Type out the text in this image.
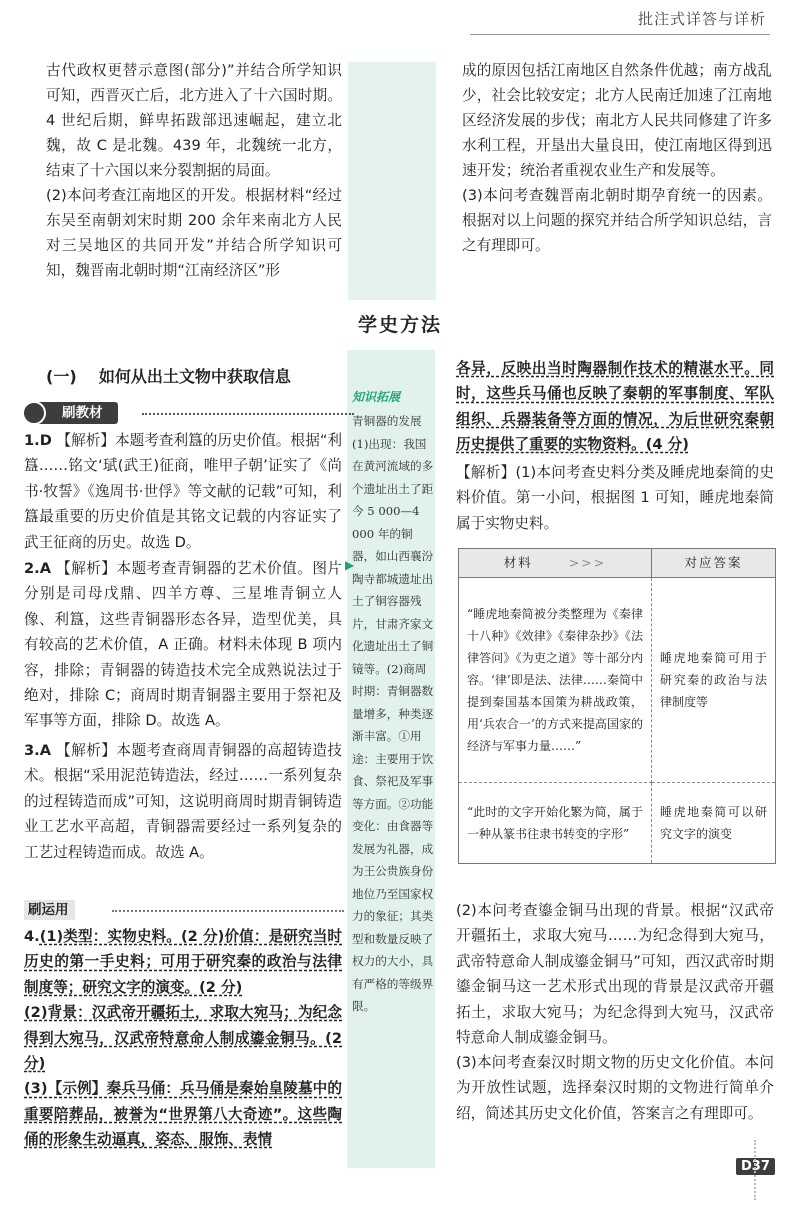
批注式详答与详析

古代政权更替示意图(部分)”并结合所学知识可知，西晋灭亡后，北方进入了十六国时期。4 世纪后期，鲜卑拓跋部迅速崛起，建立北魏，故 C 是北魏。439 年，北魏统一北方，结束了十六国以来分裂割据的局面。

(2)本问考查江南地区的开发。根据材料“经过东吴至南朝刘宋时期 200 余年来南北方人民对三吴地区的共同开发”并结合所学知识可知，魏晋南北朝时期“江南经济区”形

成的原因包括江南地区自然条件优越；南方战乱少，社会比较安定；北方人民南迁加速了江南地区经济发展的步伐；南北方人民共同修建了许多水利工程，开垦出大量良田，使江南地区得到迅速开发；统治者重视农业生产和发展等。

(3)本问考查魏晋南北朝时期孕育统一的因素。根据对以上问题的探究并结合所学知识总结，言之有理即可。

学史方法
知识拓展
青铜器的发展(1)出现：我国在黄河流域的多个遗址出土了距今 5 000—4 000 年的铜器，如山西襄汾陶寺都城遗址出土了铜容器残片，甘肃齐家文化遗址出土了铜镜等。(2)商周时期：青铜器数量增多，种类逐渐丰富。①用途：主要用于饮食、祭祀及军事等方面。②功能变化：由食器等发展为礼器，成为王公贵族身份地位乃至国家权力的象征；其类型和数量反映了权力的大小，具有严格的等级界限。
▶
(一) 如何从出土文物中获取信息
刷教材
1.D 【解析】本题考查利簋的历史价值。根据“利簋……铭文‘珷(武王)征商，唯甲子朝’证实了《尚书·牧誓》《逸周书·世俘》等文献的记载”可知，利簋最重要的历史价值是其铭文记载的内容证实了武王征商的历史。故选 D。
2.A 【解析】本题考查青铜器的艺术价值。图片分别是司母戊鼎、四羊方尊、三星堆青铜立人像、利簋，这些青铜器形态各异，造型优美，具有较高的艺术价值，A 正确。材料未体现 B 项内容，排除；青铜器的铸造技术完全成熟说法过于绝对，排除 C；商周时期青铜器主要用于祭祀及军事等方面，排除 D。故选 A。
3.A 【解析】本题考查商周青铜器的高超铸造技术。根据“采用泥范铸造法，经过……一系列复杂的过程铸造而成”可知，这说明商周时期青铜铸造业工艺水平高超，青铜器需要经过一系列复杂的工艺过程铸造而成。故选 A。
刷运用
4.(1)类型：实物史料。(2 分)价值：是研究当时历史的第一手史料；可用于研究秦的政治与法律制度等；研究文字的演变。(2 分)
(2)背景：汉武帝开疆拓土，求取大宛马；为纪念得到大宛马，汉武帝特意命人制成鎏金铜马。(2 分)
(3)【示例】秦兵马俑：兵马俑是秦始皇陵墓中的重要陪葬品，被誉为“世界第八大奇迹”。这些陶俑的形象生动逼真，姿态、服饰、表情
各异，反映出当时陶器制作技术的精湛水平。同时，这些兵马俑也反映了秦朝的军事制度、军队组织、兵器装备等方面的情况，为后世研究秦朝历史提供了重要的实物资料。(4 分)
【解析】(1)本问考查史料分类及睡虎地秦简的史料价值。第一小问，根据图 1 可知，睡虎地秦简属于实物史料。
材料 >>>	对应答案
“睡虎地秦简被分类整理为《秦律十八种》《效律》《秦律杂抄》《法律答问》《为吏之道》等十部分内容。‘律’即是法、法律……秦简中提到秦国基本国策为耕战政策，用‘兵农合一’的方式来提高国家的经济与军事力量……”	睡虎地秦简可用于研究秦的政治与法律制度等
“此时的文字开始化繁为简，属于一种从篆书往隶书转变的字形”	睡虎地秦简可以研究文字的演变
(2)本问考查鎏金铜马出现的背景。根据“汉武帝开疆拓土，求取大宛马……为纪念得到大宛马，武帝特意命人制成鎏金铜马”可知，西汉武帝时期鎏金铜马这一艺术形式出现的背景是汉武帝开疆拓土，求取大宛马；为纪念得到大宛马，汉武帝特意命人制成鎏金铜马。
(3)本问考查秦汉时期文物的历史文化价值。本问为开放性试题，选择秦汉时期的文物进行简单介绍，简述其历史文化价值，答案言之有理即可。
D37
